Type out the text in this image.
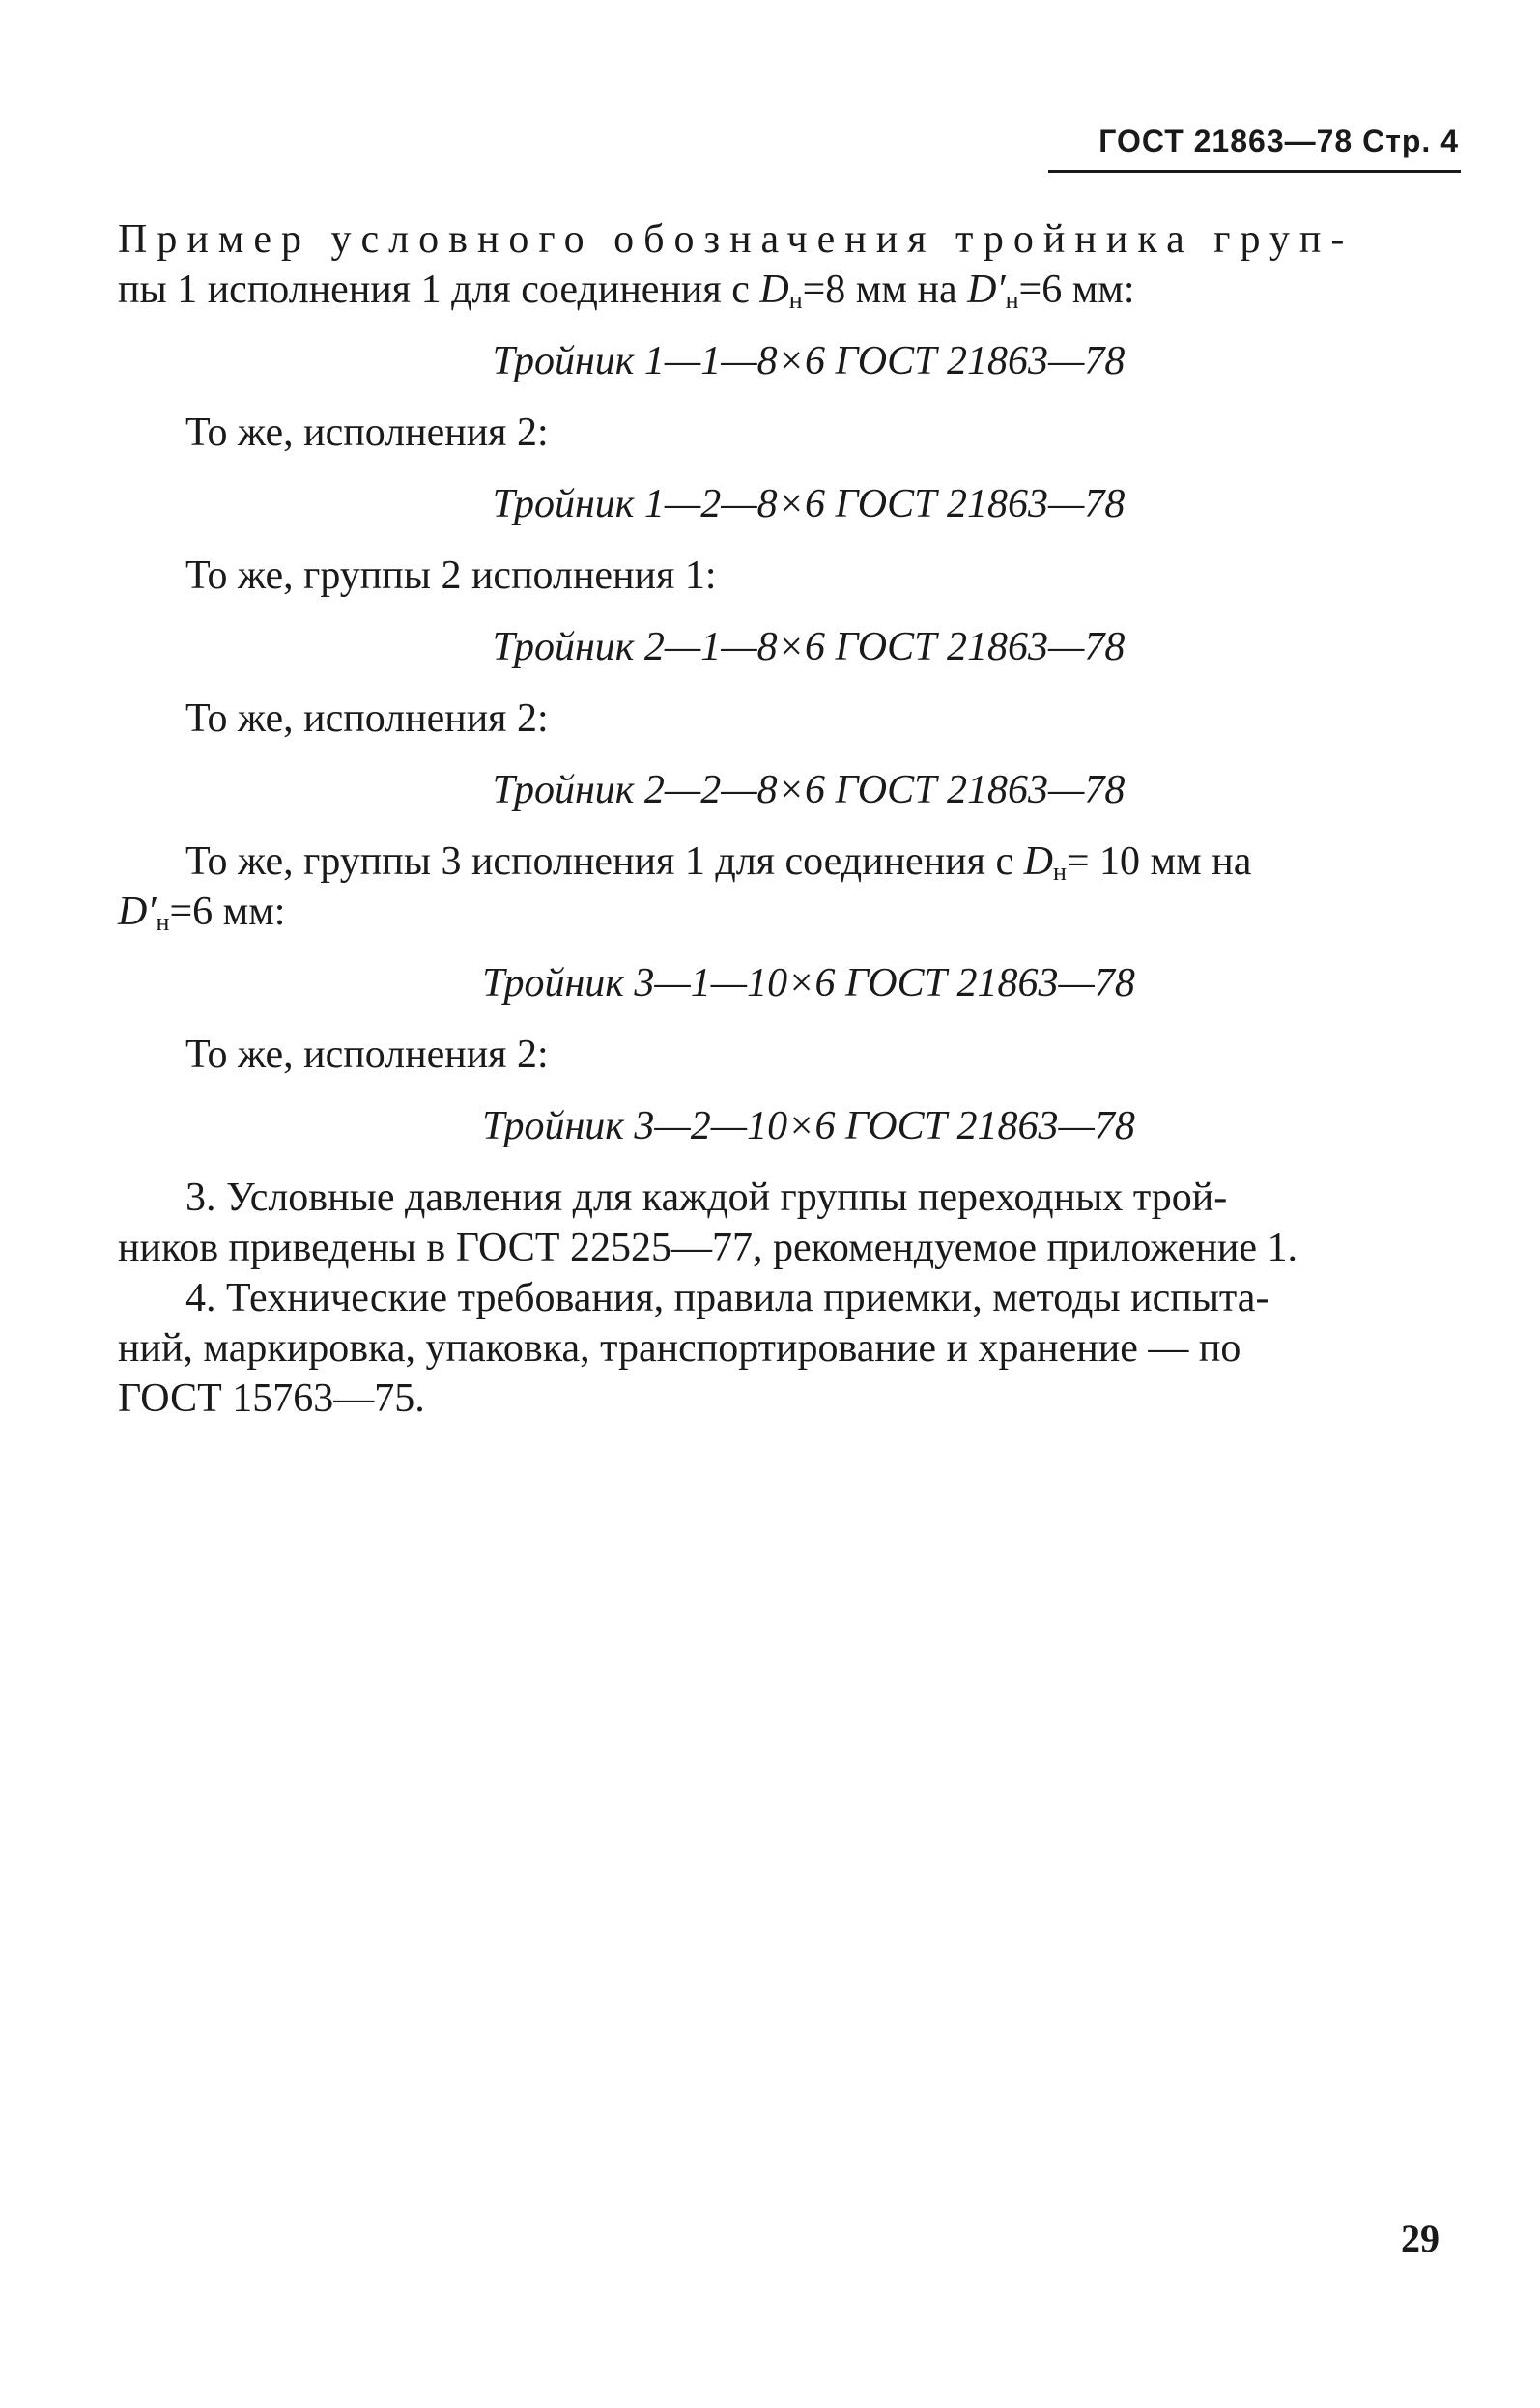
ГОСТ 21863—78 Стр. 4
Пример условного обозначения тройника груп-
пы 1 исполнения 1 для соединения с $D_н=8$ мм на $D'_н=6$ мм:
Тройник 1—1—8×6 ГОСТ 21863—78
То же, исполнения 2:
Тройник 1—2—8×6 ГОСТ 21863—78
То же, группы 2 исполнения 1:
Тройник 2—1—8×6 ГОСТ 21863—78
То же, исполнения 2:
Тройник 2—2—8×6 ГОСТ 21863—78
То же, группы 3 исполнения 1 для соединения с $D_н= 10$ мм на
$D'_н=6$ мм:
Тройник 3—1—10×6 ГОСТ 21863—78
То же, исполнения 2:
Тройник 3—2—10×6 ГОСТ 21863—78
3. Условные давления для каждой группы переходных трой-
ников приведены в ГОСТ 22525—77, рекомендуемое приложение 1.
4. Технические требования, правила приемки, методы испыта-
ний, маркировка, упаковка, транспортирование и хранение — по
ГОСТ 15763—75.
29
